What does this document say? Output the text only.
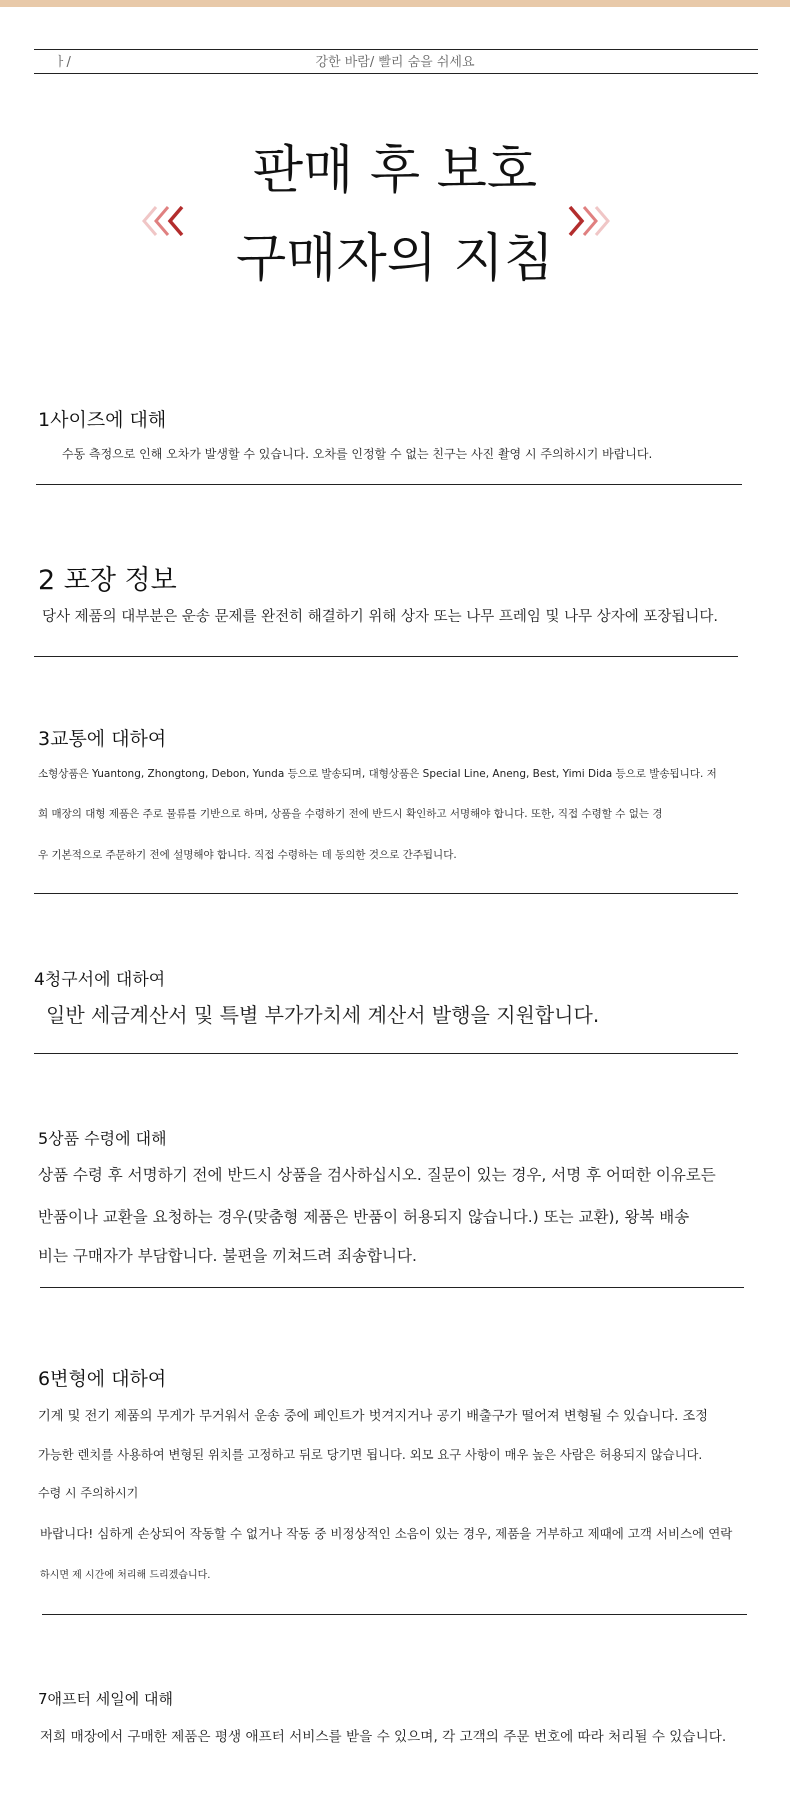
ㅏ/	강한 바람/ 빨리 숨을 쉬세요
판매 후 보호
구매자의 지침
1사이즈에 대해
수동 측정으로 인해 오차가 발생할 수 있습니다. 오차를 인정할 수 없는 친구는 사진 촬영 시 주의하시기 바랍니다.
2 포장 정보
당사 제품의 대부분은 운송 문제를 완전히 해결하기 위해 상자 또는 나무 프레임 및 나무 상자에 포장됩니다.
3교통에 대하여
소형상품은 Yuantong, Zhongtong, Debon, Yunda 등으로 발송되며, 대형상품은 Special Line, Aneng, Best, Yimi Dida 등으로 발송됩니다. 저
희 매장의 대형 제품은 주로 물류를 기반으로 하며, 상품을 수령하기 전에 반드시 확인하고 서명해야 합니다. 또한, 직접 수령할 수 없는 경
우 기본적으로 주문하기 전에 설명해야 합니다. 직접 수령하는 데 동의한 것으로 간주됩니다.
4청구서에 대하여
일반 세금계산서 및 특별 부가가치세 계산서 발행을 지원합니다.
5상품 수령에 대해
상품 수령 후 서명하기 전에 반드시 상품을 검사하십시오. 질문이 있는 경우, 서명 후 어떠한 이유로든
반품이나 교환을 요청하는 경우(맞춤형 제품은 반품이 허용되지 않습니다.) 또는 교환), 왕복 배송
비는 구매자가 부담합니다. 불편을 끼쳐드려 죄송합니다.
6변형에 대하여
기계 및 전기 제품의 무게가 무거워서 운송 중에 페인트가 벗겨지거나 공기 배출구가 떨어져 변형될 수 있습니다. 조정
가능한 렌치를 사용하여 변형된 위치를 고정하고 뒤로 당기면 됩니다. 외모 요구 사항이 매우 높은 사람은 허용되지 않습니다.
수령 시 주의하시기
바랍니다! 심하게 손상되어 작동할 수 없거나 작동 중 비정상적인 소음이 있는 경우, 제품을 거부하고 제때에 고객 서비스에 연락
하시면 제 시간에 처리해 드리겠습니다.
7애프터 세일에 대해
저희 매장에서 구매한 제품은 평생 애프터 서비스를 받을 수 있으며, 각 고객의 주문 번호에 따라 처리될 수 있습니다.
